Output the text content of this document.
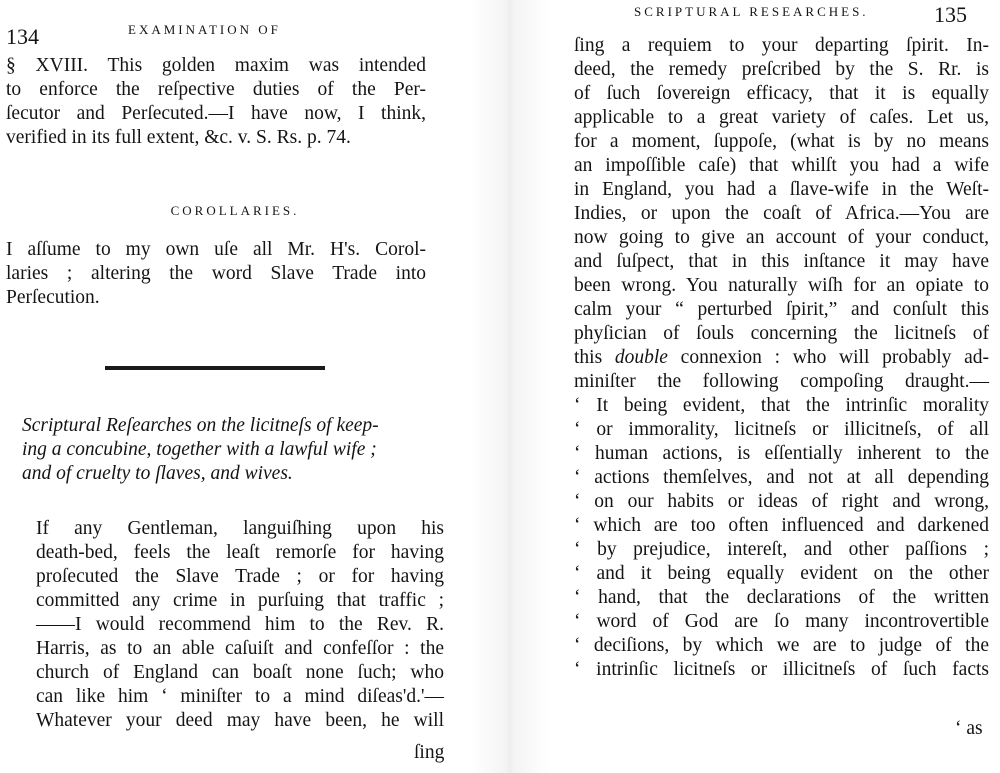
134	EXAMINATION OF
§ XVIII. This golden maxim was intended
to enforce the reſpective duties of the Per-
ſecutor and Perſecuted.—I have now, I think,
verified in its full extent, &c. v. S. Rs. p. 74.
COROLLARIES.
I aſſume to my own uſe all Mr. H's. Corol-
laries ; altering the word Slave Trade into
Perſecution.
Scriptural Reſearches on the licitneſs of keep-
ing a concubine, together with a lawful wife ;
and of cruelty to ſlaves, and wives.
If any Gentleman, languiſhing upon his
death-bed, feels the leaſt remorſe for having
proſecuted the Slave Trade ; or for having
committed any crime in purſuing that traffic ;
——I would recommend him to the Rev. R.
Harris, as to an able caſuiſt and confeſſor : the
church of England can boaſt none ſuch; who
can like him ‘ miniſter to a mind diſeas'd.'—
Whatever your deed may have been, he will
ſing
SCRIPTURAL RESEARCHES.	135
ſing a requiem to your departing ſpirit. In-
deed, the remedy preſcribed by the S. Rr. is
of ſuch ſovereign efficacy, that it is equally
applicable to a great variety of caſes. Let us,
for a moment, ſuppoſe, (what is by no means
an impoſſible caſe) that whilſt you had a wife
in England, you had a ſlave-wife in the Weſt-
Indies, or upon the coaſt of Africa.—You are
now going to give an account of your conduct,
and ſuſpect, that in this inſtance it may have
been wrong. You naturally wiſh for an opiate to
calm your “ perturbed ſpirit,” and conſult this
phyſician of ſouls concerning the licitneſs of
this double connexion : who will probably ad-
miniſter the following compoſing draught.—
‘ It being evident, that the intrinſic morality
‘ or immorality, licitneſs or illicitneſs, of all
‘ human actions, is eſſentially inherent to the
‘ actions themſelves, and not at all depending
‘ on our habits or ideas of right and wrong,
‘ which are too often influenced and darkened
‘ by prejudice, intereſt, and other paſſions ;
‘ and it being equally evident on the other
‘ hand, that the declarations of the written
‘ word of God are ſo many incontrovertible
‘ deciſions, by which we are to judge of the
‘ intrinſic licitneſs or illicitneſs of ſuch facts
‘ as
